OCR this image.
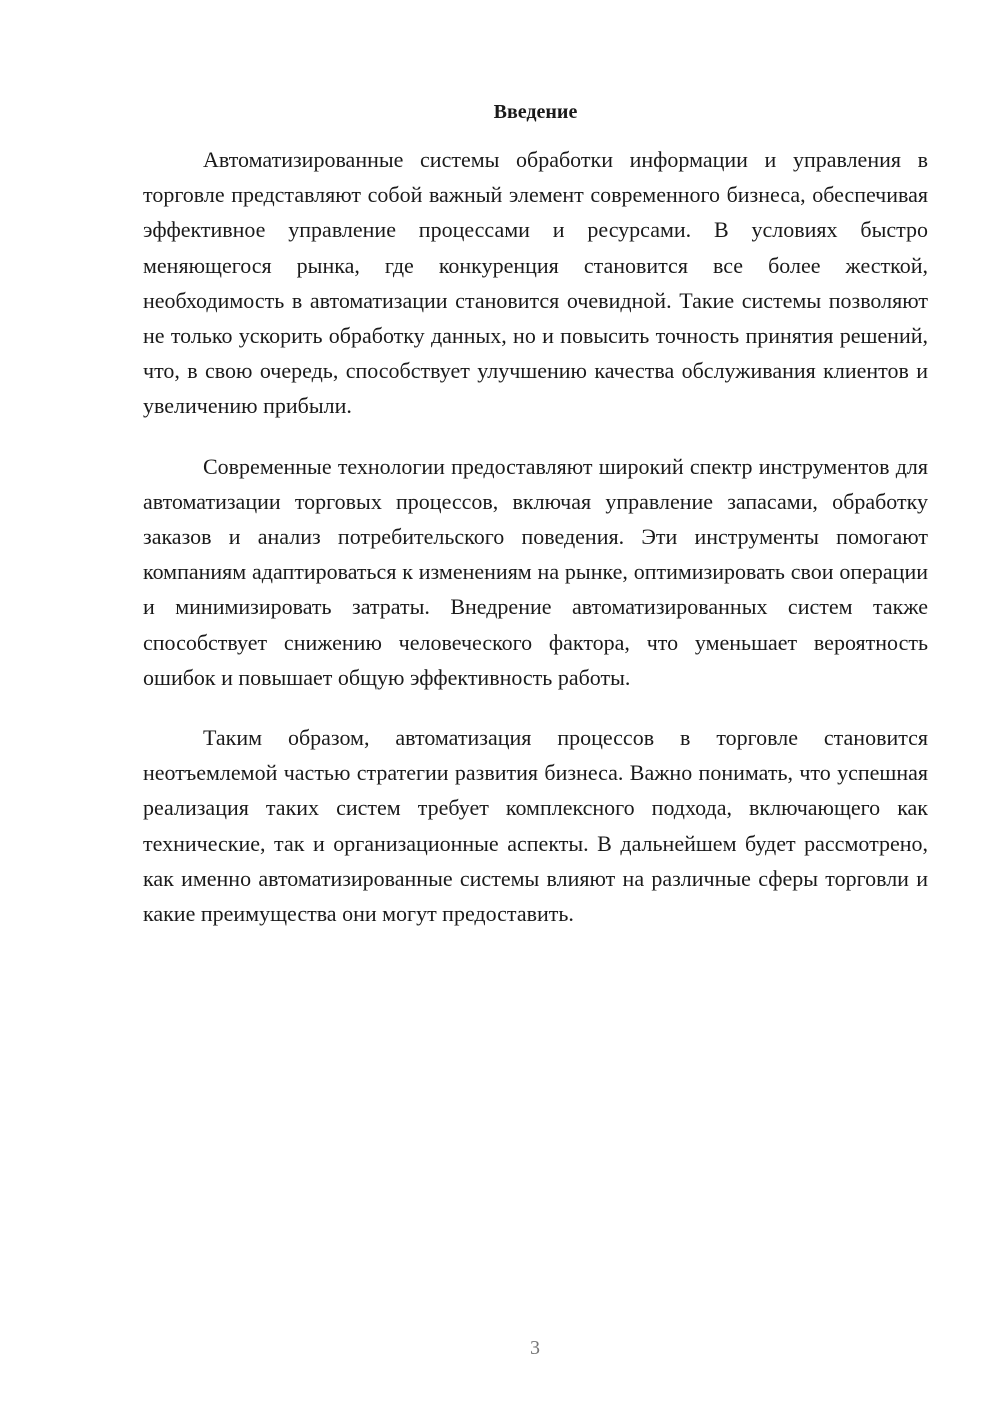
Введение

Автоматизированные системы обработки информации и управления в торговле представляют собой важный элемент современного бизнеса, обеспечивая эффективное управление процессами и ресурсами. В условиях быстро меняющегося рынка, где конкуренция становится все более жесткой, необходимость в автоматизации становится очевидной. Такие системы позволяют не только ускорить обработку данных, но и повысить точность принятия решений, что, в свою очередь, способствует улучшению качества обслуживания клиентов и увеличению прибыли.

Современные технологии предоставляют широкий спектр инструментов для автоматизации торговых процессов, включая управление запасами, обработку заказов и анализ потребительского поведения. Эти инструменты помогают компаниям адаптироваться к изменениям на рынке, оптимизировать свои операции и минимизировать затраты. Внедрение автоматизированных систем также способствует снижению человеческого фактора, что уменьшает вероятность ошибок и повышает общую эффективность работы.

Таким образом, автоматизация процессов в торговле становится неотъемлемой частью стратегии развития бизнеса. Важно понимать, что успешная реализация таких систем требует комплексного подхода, включающего как технические, так и организационные аспекты. В дальнейшем будет рассмотрено, как именно автоматизированные системы влияют на различные сферы торговли и какие преимущества они могут предоставить.

3
